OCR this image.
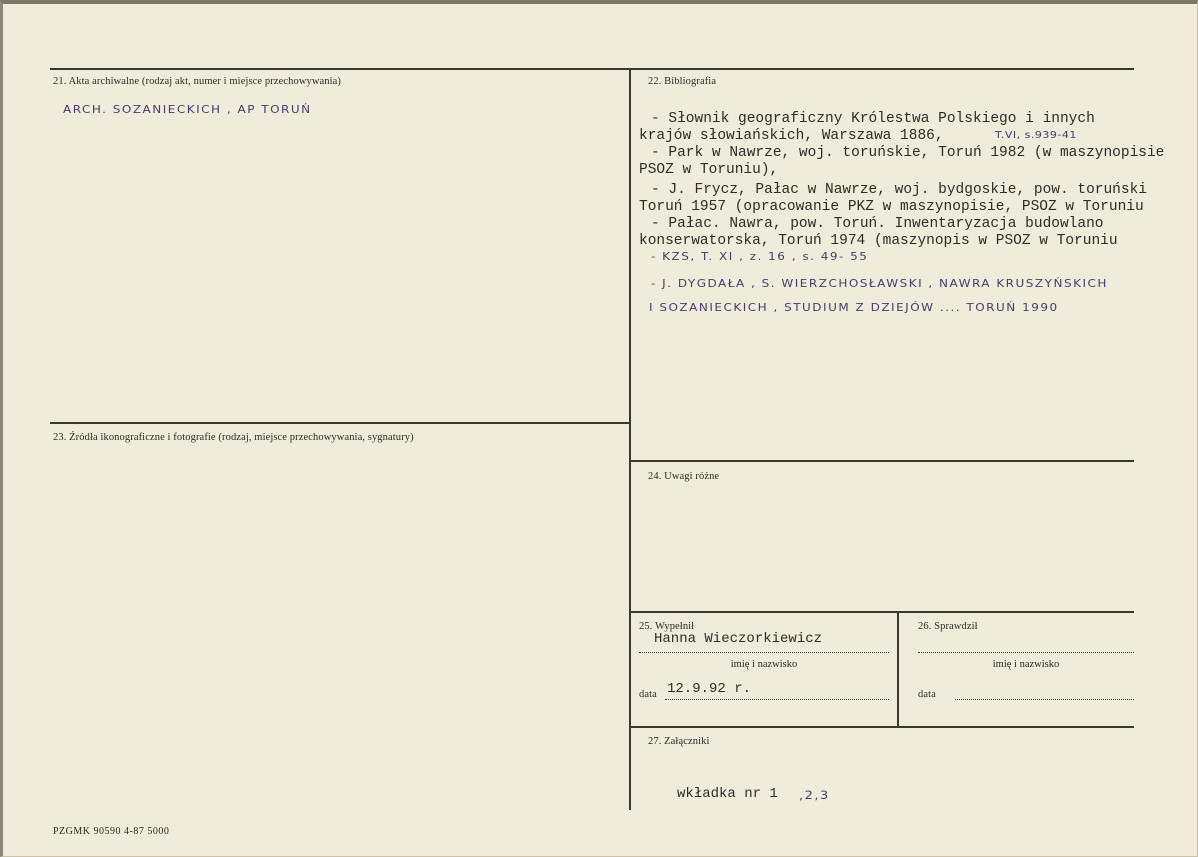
21. Akta archiwalne (rodzaj akt, numer i miejsce przechowywania)
ARCH. SOZANIECKICH , AP TORUŃ
22. Bibliografia
- Słownik geograficzny Królestwa Polskiego i innych
krajów słowiańskich, Warszawa 1886,	T.VI, s.939-41
- Park w Nawrze, woj. toruńskie, Toruń 1982 (w maszynopisie
PSOZ w Toruniu),
- J. Frycz, Pałac w Nawrze, woj. bydgoskie, pow. toruński
Toruń 1957 (opracowanie PKZ w maszynopisie, PSOZ w Toruniu
- Pałac. Nawra, pow. Toruń. Inwentaryzacja budowlano
konserwatorska, Toruń 1974 (maszynopis w PSOZ w Toruniu
- KZS, T. XI , z. 16 , s. 49- 55
- J. DYGDAŁA , S. WIERZCHOSŁAWSKI , NAWRA KRUSZYŃSKICH
I SOZANIECKICH , STUDIUM Z DZIEJÓW .... TORUŃ 1990
23. Źródła ikonograficzne i fotografie (rodzaj, miejsce przechowywania, sygnatury)
24. Uwagi różne
25. Wypełnił
Hanna Wieczorkiewicz
imię i nazwisko
data 12.9.92 r.
26. Sprawdził
imię i nazwisko
data
27. Załączniki
wkładka nr 1 ,2,3
PZGMK 90590 4-87 5000
